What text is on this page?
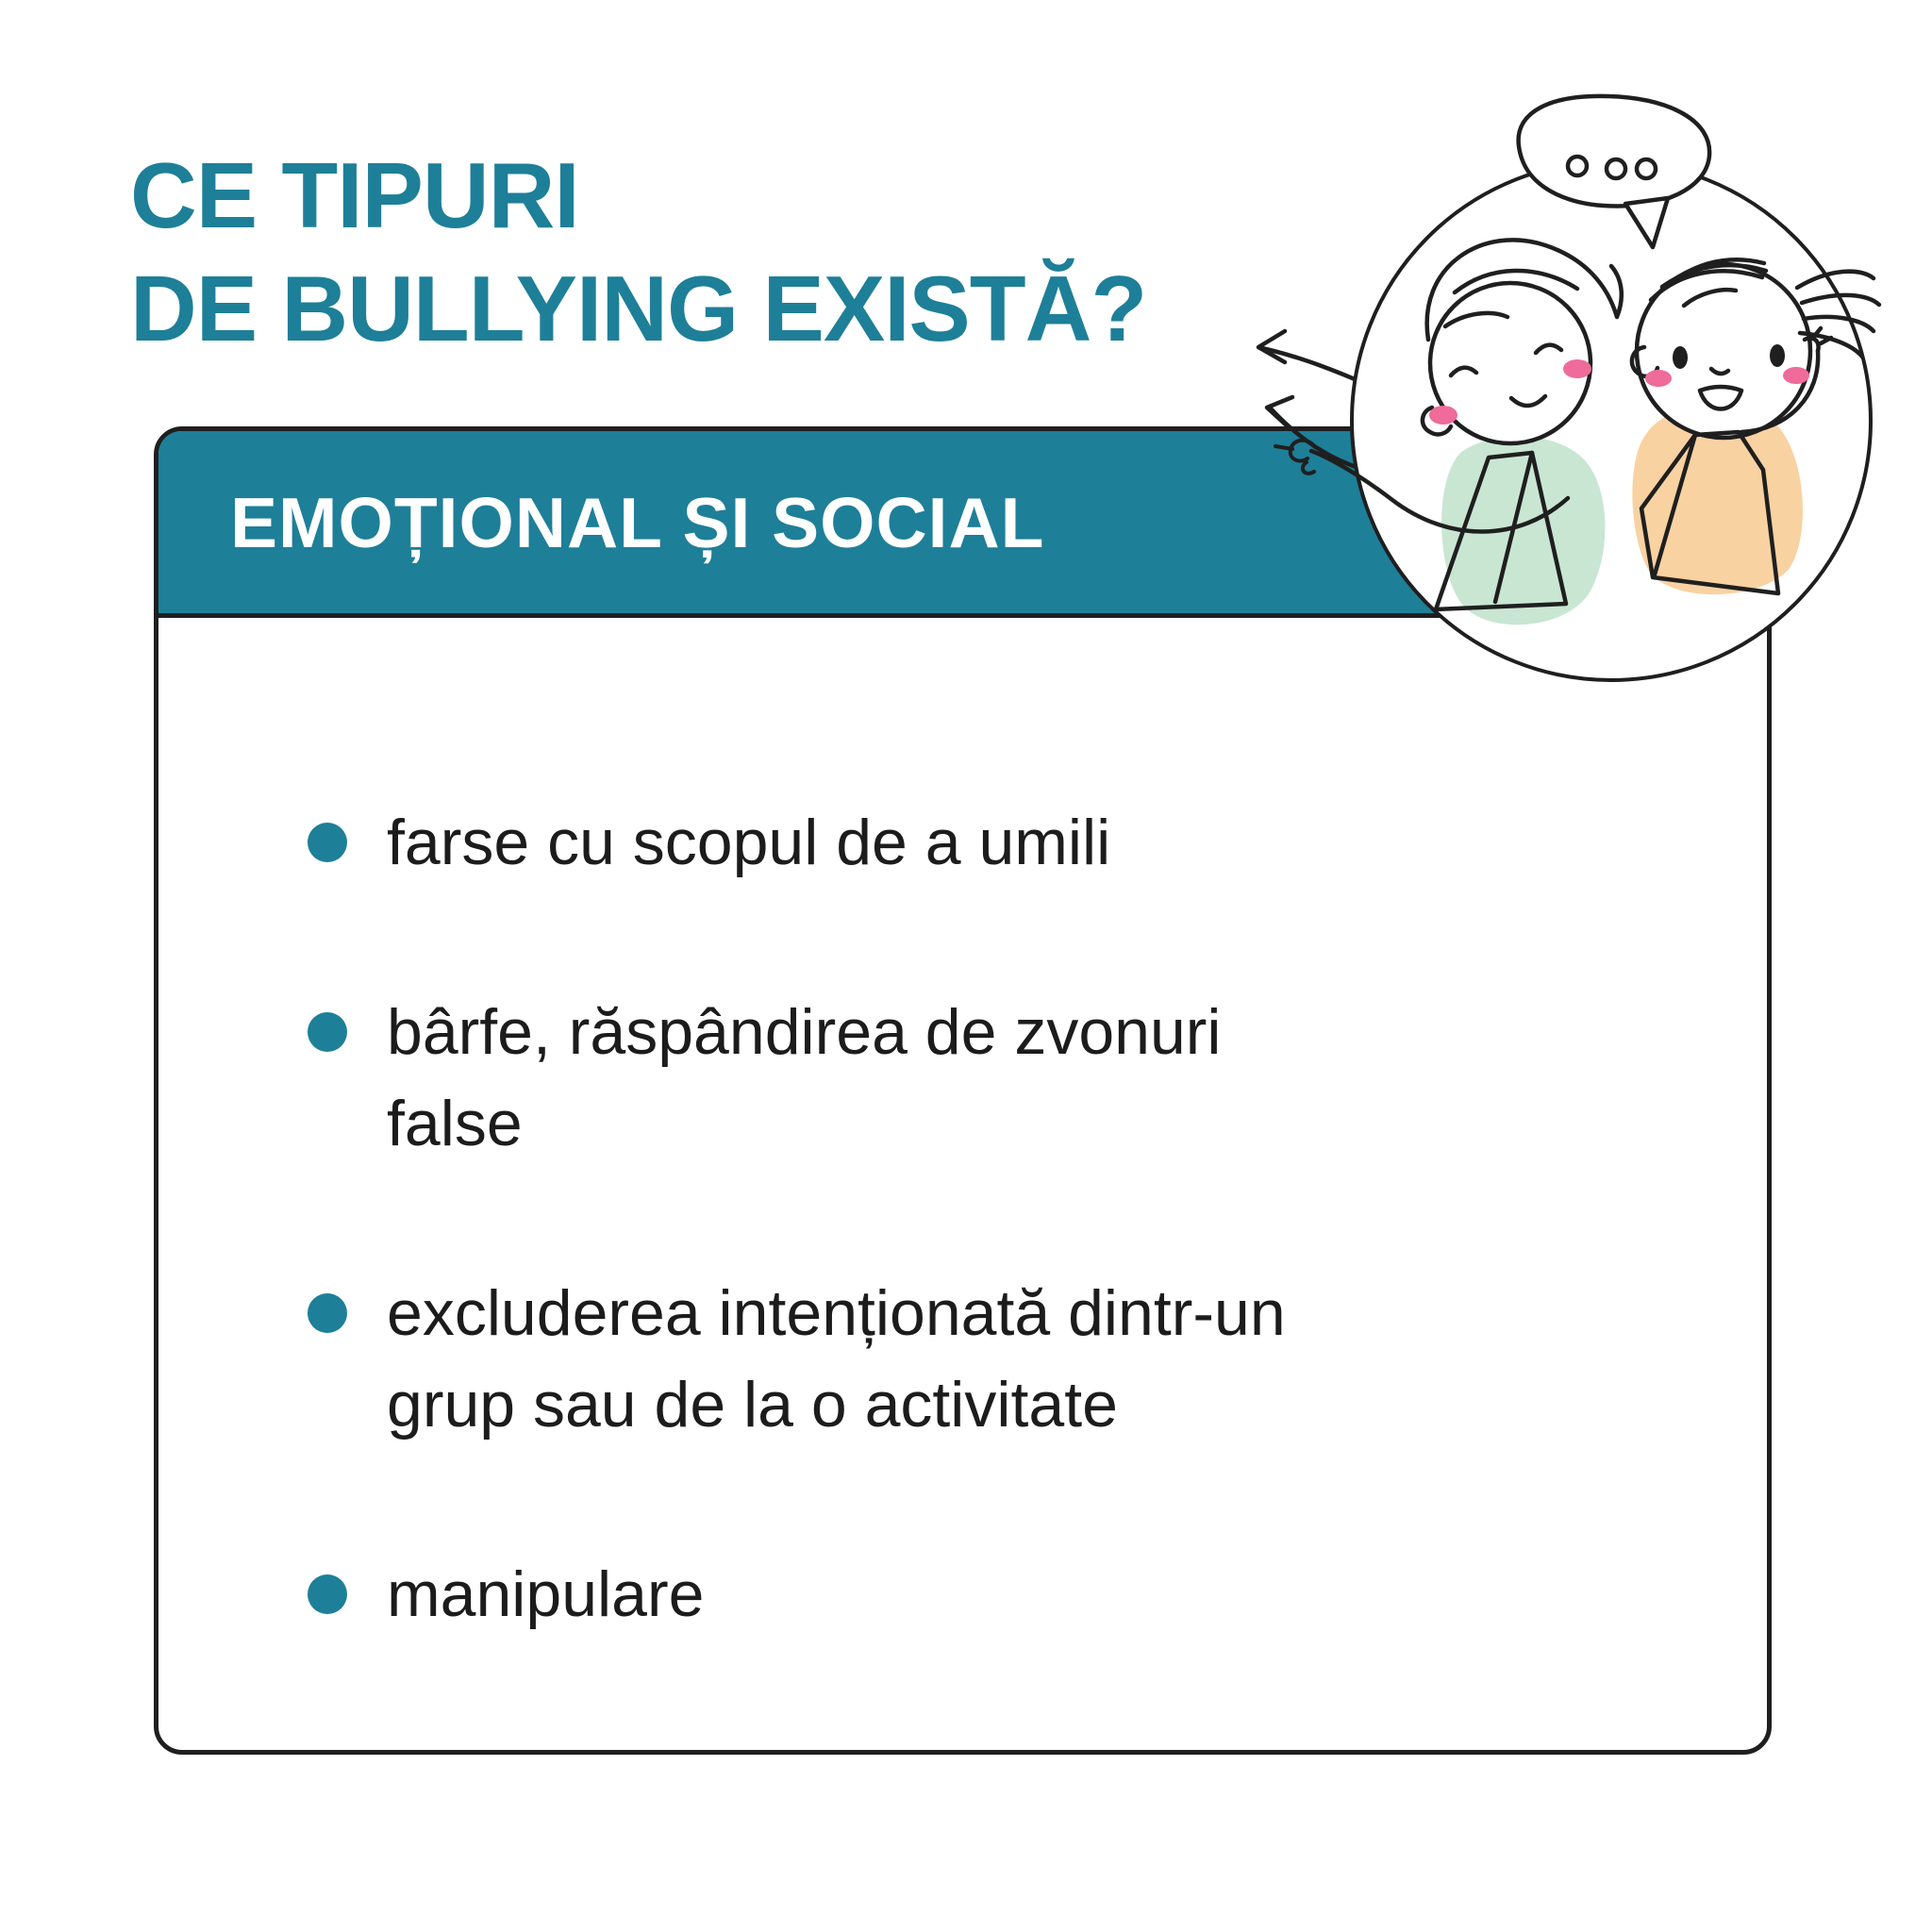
CE TIPURI
DE BULLYING EXISTĂ?
EMOȚIONAL ȘI SOCIAL
farse cu scopul de a umili
bârfe, răspândirea de zvonuri
false
excluderea intenționată dintr-un
grup sau de la o activitate
manipulare
